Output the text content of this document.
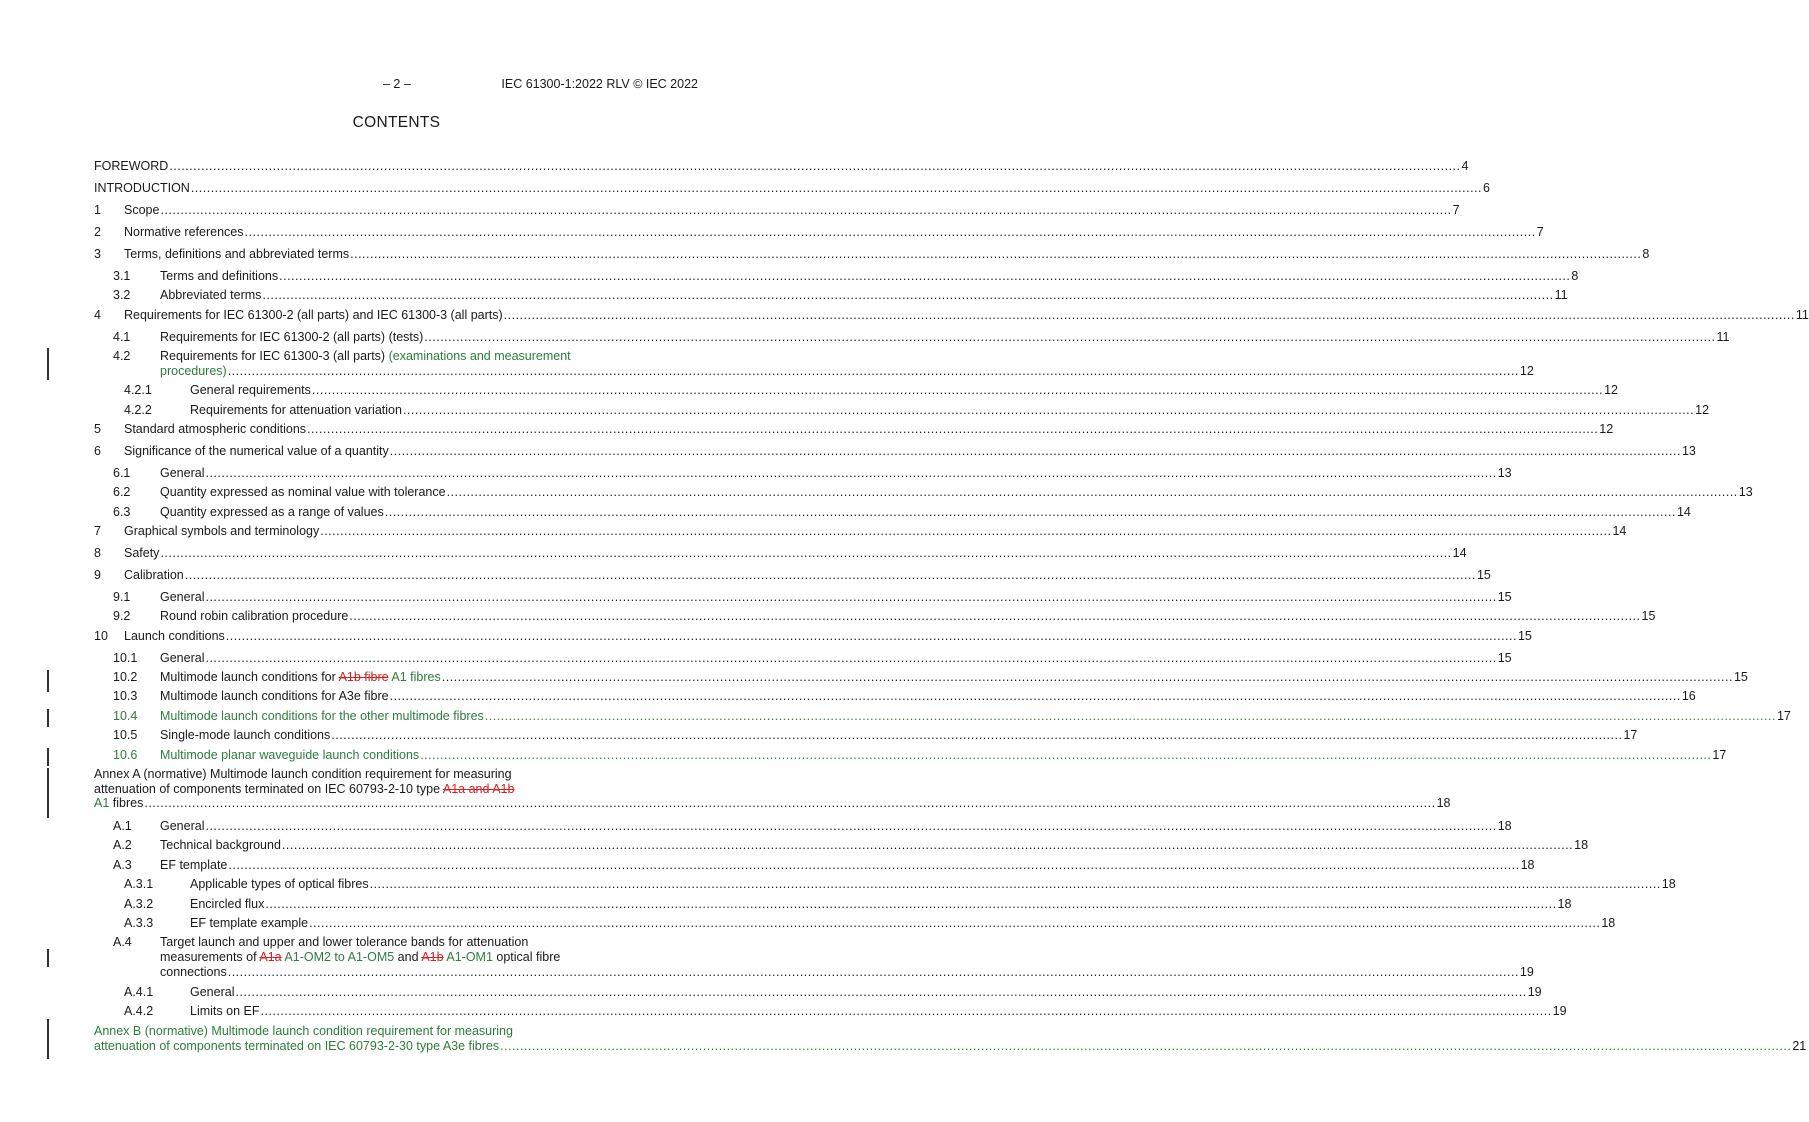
– 2 –	IEC 61300-1:2022 RLV © IEC 2022
CONTENTS
FOREWORD .....	4
INTRODUCTION .....	6
1	Scope .....	7
2	Normative references .....	7
3	Terms, definitions and abbreviated terms .....	8
3.1	Terms and definitions .....	8
3.2	Abbreviated terms .....	11
4	Requirements for IEC 61300-2 (all parts) and IEC 61300-3 (all parts) .....	11
4.1	Requirements for IEC 61300-2 (all parts) (tests) .....	11
4.2	Requirements for IEC 61300-3 (all parts) (examinations and measurement
procedures) .....	12
4.2.1	General requirements .....	12
4.2.2	Requirements for attenuation variation .....	12
5	Standard atmospheric conditions .....	12
6	Significance of the numerical value of a quantity .....	13
6.1	General .....	13
6.2	Quantity expressed as nominal value with tolerance .....	13
6.3	Quantity expressed as a range of values .....	14
7	Graphical symbols and terminology .....	14
8	Safety .....	14
9	Calibration .....	15
9.1	General .....	15
9.2	Round robin calibration procedure .....	15
10	Launch conditions .....	15
10.1	General .....	15
10.2	Multimode launch conditions for A1b fibre A1 fibres .....	15
10.3	Multimode launch conditions for A3e fibre .....	16
10.4	Multimode launch conditions for the other multimode fibres .....	17
10.5	Single-mode launch conditions .....	17
10.6	Multimode planar waveguide launch conditions .....	17
Annex A (normative) Multimode launch condition requirement for measuring
attenuation of components terminated on IEC 60793-2-10 type A1a and A1b
A1 fibres .....	18
A.1	General .....	18
A.2	Technical background .....	18
A.3	EF template .....	18
A.3.1	Applicable types of optical fibres .....	18
A.3.2	Encircled flux .....	18
A.3.3	EF template example .....	18
A.4	Target launch and upper and lower tolerance bands for attenuation
measurements of A1a A1-OM2 to A1-OM5 and A1b A1-OM1 optical fibre
connections .....	19
A.4.1	General .....	19
A.4.2	Limits on EF .....	19
Annex B (normative) Multimode launch condition requirement for measuring
attenuation of components terminated on IEC 60793-2-30 type A3e fibres .....	21
